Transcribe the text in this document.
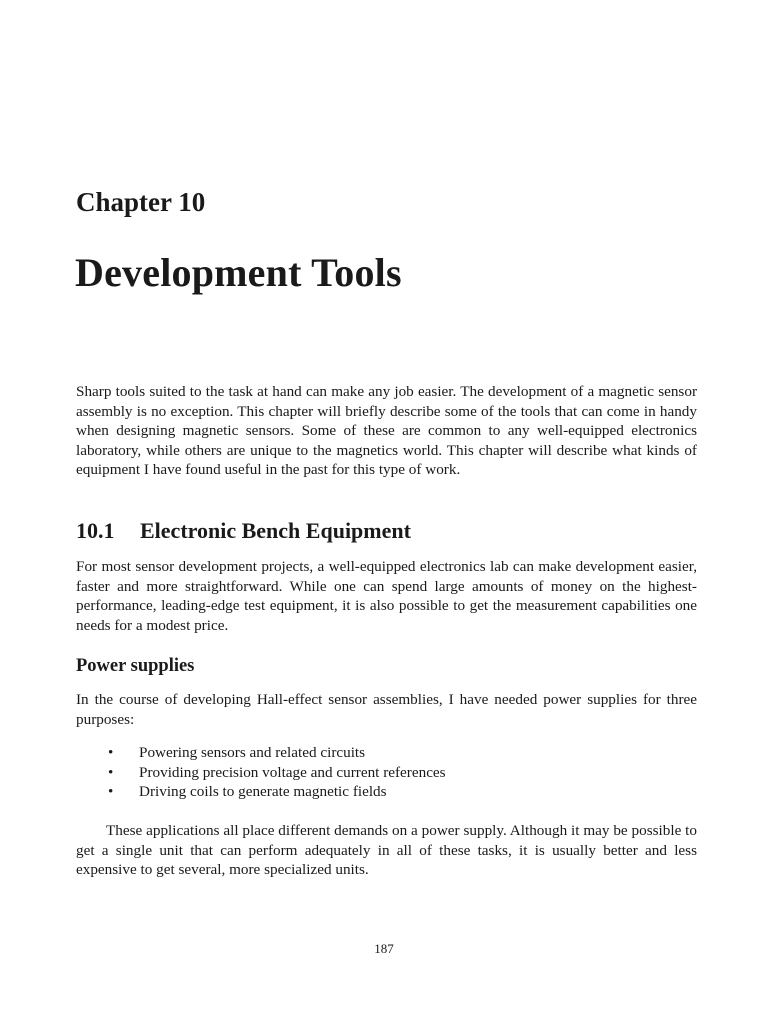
Chapter 10
Development Tools

Sharp tools suited to the task at hand can make any job easier. The development of a magnetic sensor assembly is no exception. This chapter will briefly describe some of the tools that can come in handy when designing magnetic sensors. Some of these are common to any well-equipped electronics laboratory, while others are unique to the magnetics world. This chapter will describe what kinds of equipment I have found useful in the past for this type of work.

10.1 Electronic Bench Equipment

For most sensor development projects, a well-equipped electronics lab can make development easier, faster and more straightforward. While one can spend large amounts of money on the highest-performance, leading-edge test equipment, it is also possible to get the measurement capabilities one needs for a modest price.

Power supplies

In the course of developing Hall-effect sensor assemblies, I have needed power supplies for three purposes:

• Powering sensors and related circuits
• Providing precision voltage and current references
• Driving coils to generate magnetic fields

These applications all place different demands on a power supply. Although it may be possible to get a single unit that can perform adequately in all of these tasks, it is usually better and less expensive to get several, more specialized units.

187
